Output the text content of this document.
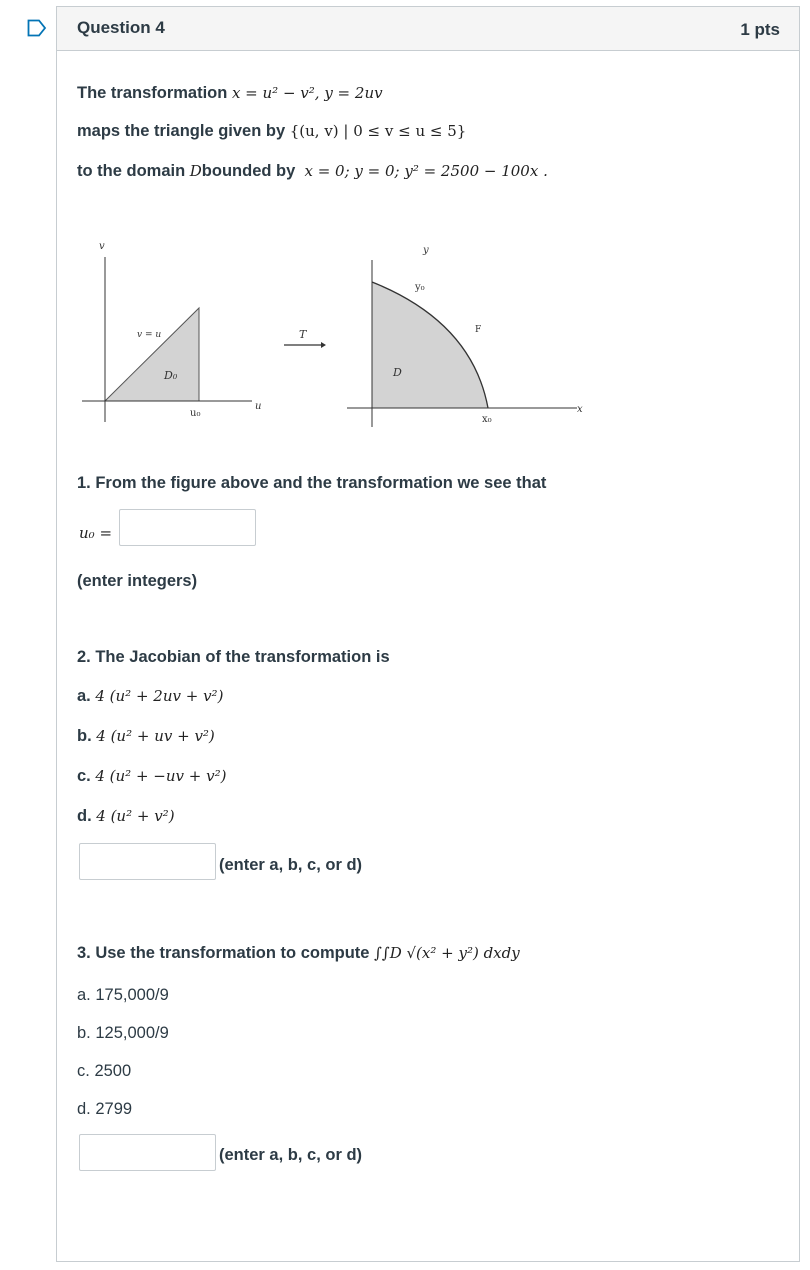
Question 4	1 pts
The transformation x = u² − v², y = 2uv
maps the triangle given by {(u, v) | 0 ≤ v ≤ u ≤ 5}
to the domain Dbounded by x = 0; y = 0; y² = 2500 − 100x .
v
u
v = u
D₀
u₀
T
y
x
y₀
x₀
F
D
1. From the figure above and the transformation we see that
u₀ =
(enter integers)
2. The Jacobian of the transformation is
a. 4 (u² + 2uv + v²)
b. 4 (u² + uv + v²)
c. 4 (u² + −uv + v²)
d. 4 (u² + v²)
(enter a, b, c, or d)
3. Use the transformation to compute ∫∫D √(x² + y²) dxdy
a. 175,000/9
b. 125,000/9
c. 2500
d. 2799
(enter a, b, c, or d)
